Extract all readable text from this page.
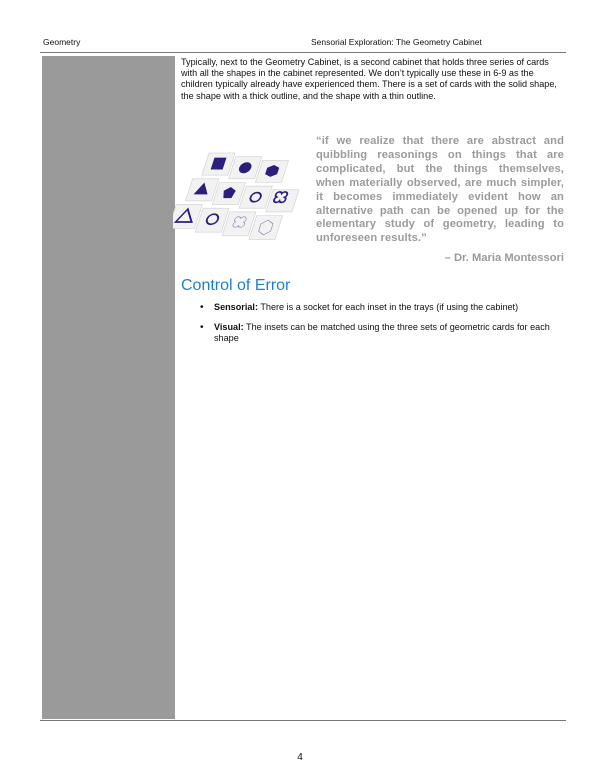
Geometry	Sensorial Exploration: The Geometry Cabinet

Typically, next to the Geometry Cabinet, is a second cabinet that holds three series of cards with all the shapes in the cabinet represented. We don’t typically use these in 6-9 as the children typically already have experienced them. There is a set of cards with the solid shape, the shape with a thick outline, and the shape with a thin outline.

“if we realize that there are abstract and quibbling reasonings on things that are complicated, but the things themselves, when materially observed, are much simpler, it becomes immediately evident how an alternative path can be opened up for the elementary study of geometry, leading to unforeseen results.”

– Dr. Maria Montessori

Control of Error
• Sensorial: There is a socket for each inset in the trays (if using the cabinet)
• Visual: The insets can be matched using the three sets of geometric cards for each shape
4
